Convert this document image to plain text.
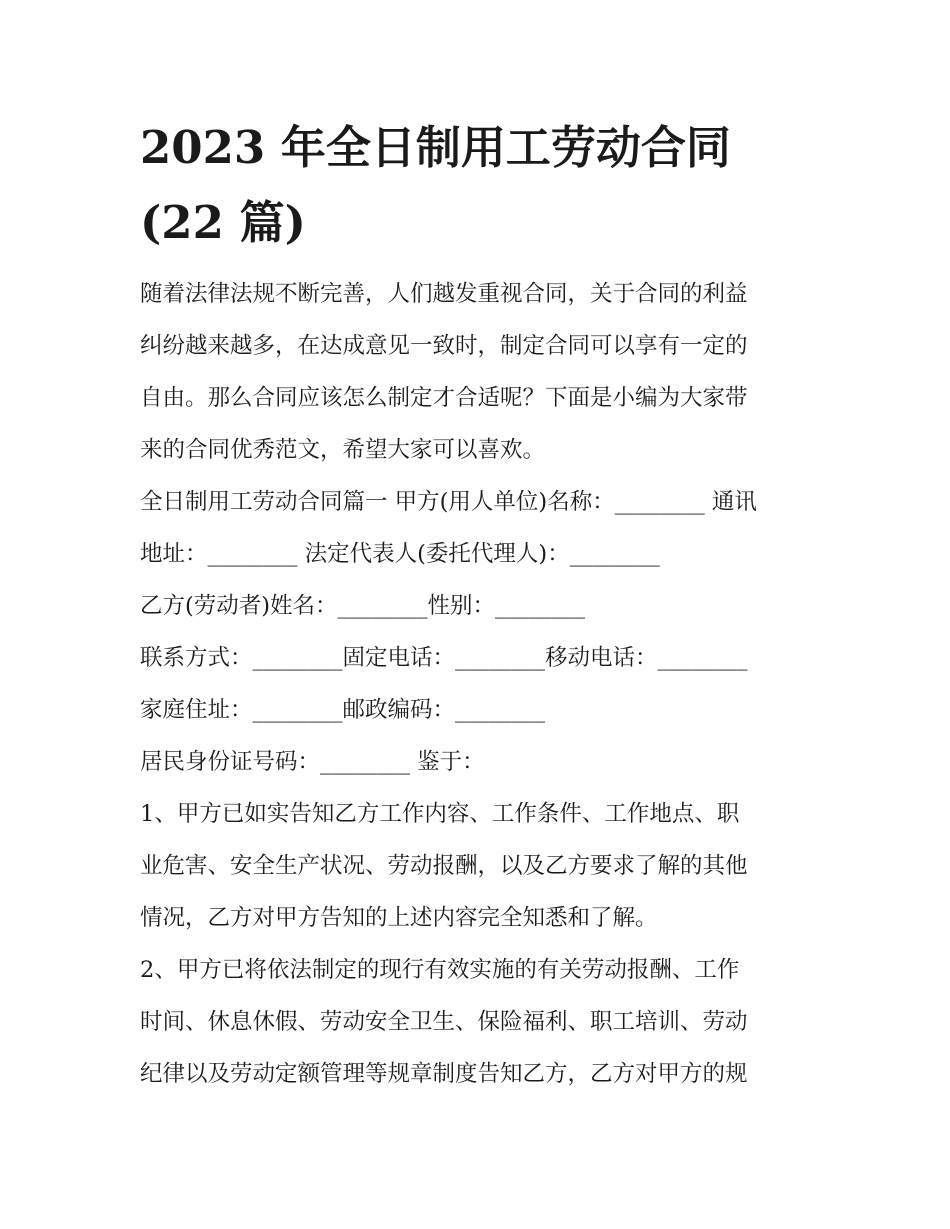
2023 年全日制用工劳动合同
(22 篇)

随着法律法规不断完善，人们越发重视合同，关于合同的利益
纠纷越来越多，在达成意见一致时，制定合同可以享有一定的
自由。那么合同应该怎么制定才合适呢？下面是小编为大家带
来的合同优秀范文，希望大家可以喜欢。

全日制用工劳动合同篇一 甲方(用人单位)名称：________ 通讯
地址：________ 法定代表人(委托代理人)：________

乙方(劳动者)姓名：________性别：________

联系方式：________固定电话：________移动电话：________

家庭住址：________邮政编码：________

居民身份证号码：________ 鉴于：

1、甲方已如实告知乙方工作内容、工作条件、工作地点、职
业危害、安全生产状况、劳动报酬，以及乙方要求了解的其他
情况，乙方对甲方告知的上述内容完全知悉和了解。

2、甲方已将依法制定的现行有效实施的有关劳动报酬、工作
时间、休息休假、劳动安全卫生、保险福利、职工培训、劳动
纪律以及劳动定额管理等规章制度告知乙方，乙方对甲方的规
